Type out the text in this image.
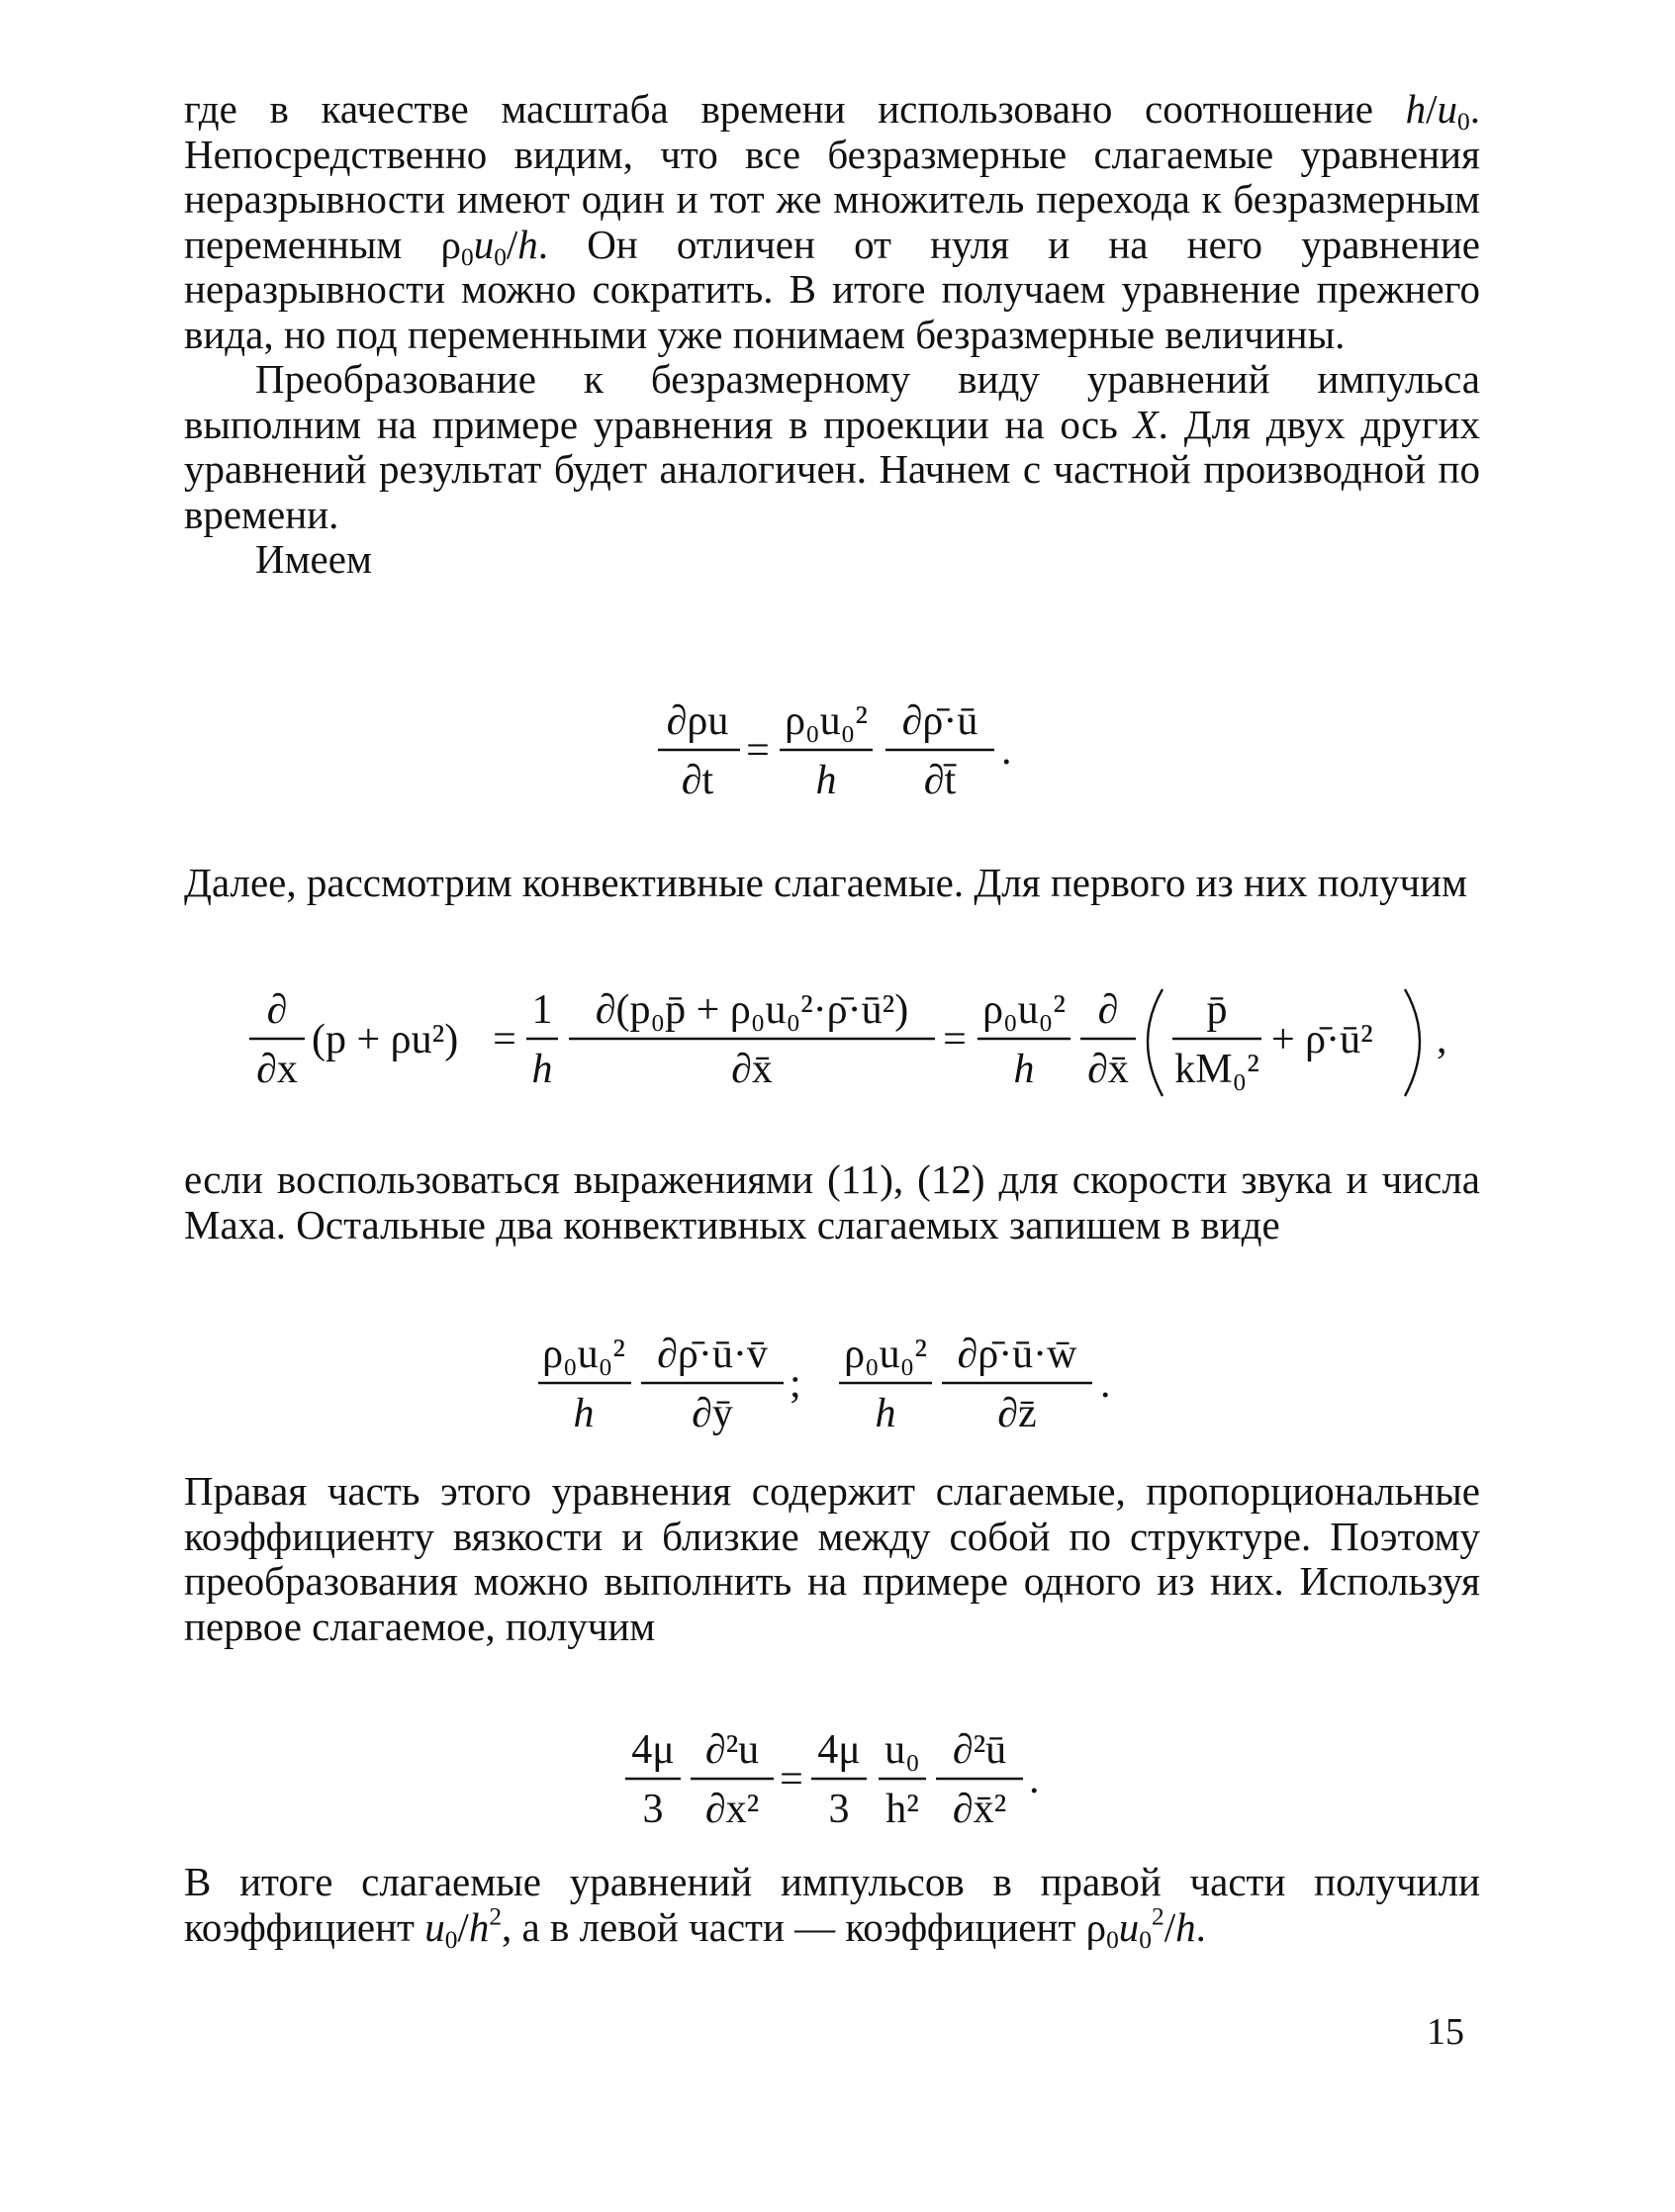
где в качестве масштаба времени использовано соотношение $h/u_0$. Непосредственно видим, что все безразмерные слагаемые уравнения неразрывности имеют один и тот же множитель перехода к безразмерным переменным $\rho_0u_0/h$. Он отличен от нуля и на него уравнение неразрывности можно сократить. В итоге получаем уравнение прежнего вида, но под переменными уже понимаем безразмерные величины.

Преобразование к безразмерному виду уравнений импульса выполним на примере уравнения в проекции на ось X. Для двух других уравнений результат будет аналогичен. Начнем с частной производной по времени.

Имеем

∂ρu
∂t
=
ρ₀u₀²
h
∂ρ̄·ū
∂t̄
.

Далее, рассмотрим конвективные слагаемые. Для первого из них получим

∂
∂x
(p + ρu²) =
1
h
∂(p₀p̄ + ρ₀u₀²·ρ̄·ū²)
∂x̄
=
ρ₀u₀²
h
∂
∂x̄
p̄
kM₀²
+ ρ̄·ū² ,

если воспользоваться выражениями (11), (12) для скорости звука и числа Маха. Остальные два конвективных слагаемых запишем в виде

ρ₀u₀²
h
∂ρ̄·ū·v̄
∂ȳ
;
ρ₀u₀²
h
∂ρ̄·ū·w̄
∂z̄
.

Правая часть этого уравнения содержит слагаемые, пропорциональные коэффициенту вязкости и близкие между собой по структуре. Поэтому преобразования можно выполнить на примере одного из них. Используя первое слагаемое, получим

4μ
3
∂²u
∂x²
=
4μ
3
u₀
h²
∂²ū
∂x̄²
.

В итоге слагаемые уравнений импульсов в правой части получили коэффициент $u_0/h^2$, а в левой части — коэффициент $\rho_0u_0^2/h$.

15
